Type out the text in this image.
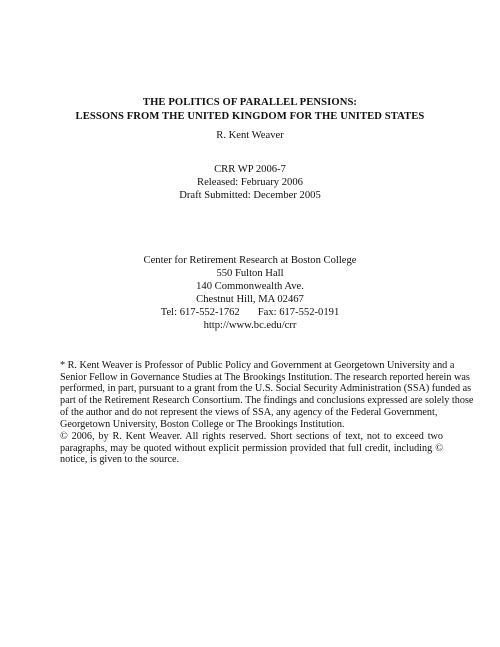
THE POLITICS OF PARALLEL PENSIONS:
LESSONS FROM THE UNITED KINGDOM FOR THE UNITED STATES
R. Kent Weaver
CRR WP 2006-7
Released: February 2006
Draft Submitted: December 2005
Center for Retirement Research at Boston College
550 Fulton Hall
140 Commonwealth Ave.
Chestnut Hill, MA 02467
Tel: 617-552-1762 Fax: 617-552-0191
http://www.bc.edu/crr
* R. Kent Weaver is Professor of Public Policy and Government at Georgetown University and a
Senior Fellow in Governance Studies at The Brookings Institution. The research reported herein was
performed, in part, pursuant to a grant from the U.S. Social Security Administration (SSA) funded as
part of the Retirement Research Consortium. The findings and conclusions expressed are solely those
of the author and do not represent the views of SSA, any agency of the Federal Government,
Georgetown University, Boston College or The Brookings Institution.
© 2006, by R. Kent Weaver. All rights reserved. Short sections of text, not to exceed two
paragraphs, may be quoted without explicit permission provided that full credit, including ©
notice, is given to the source.
